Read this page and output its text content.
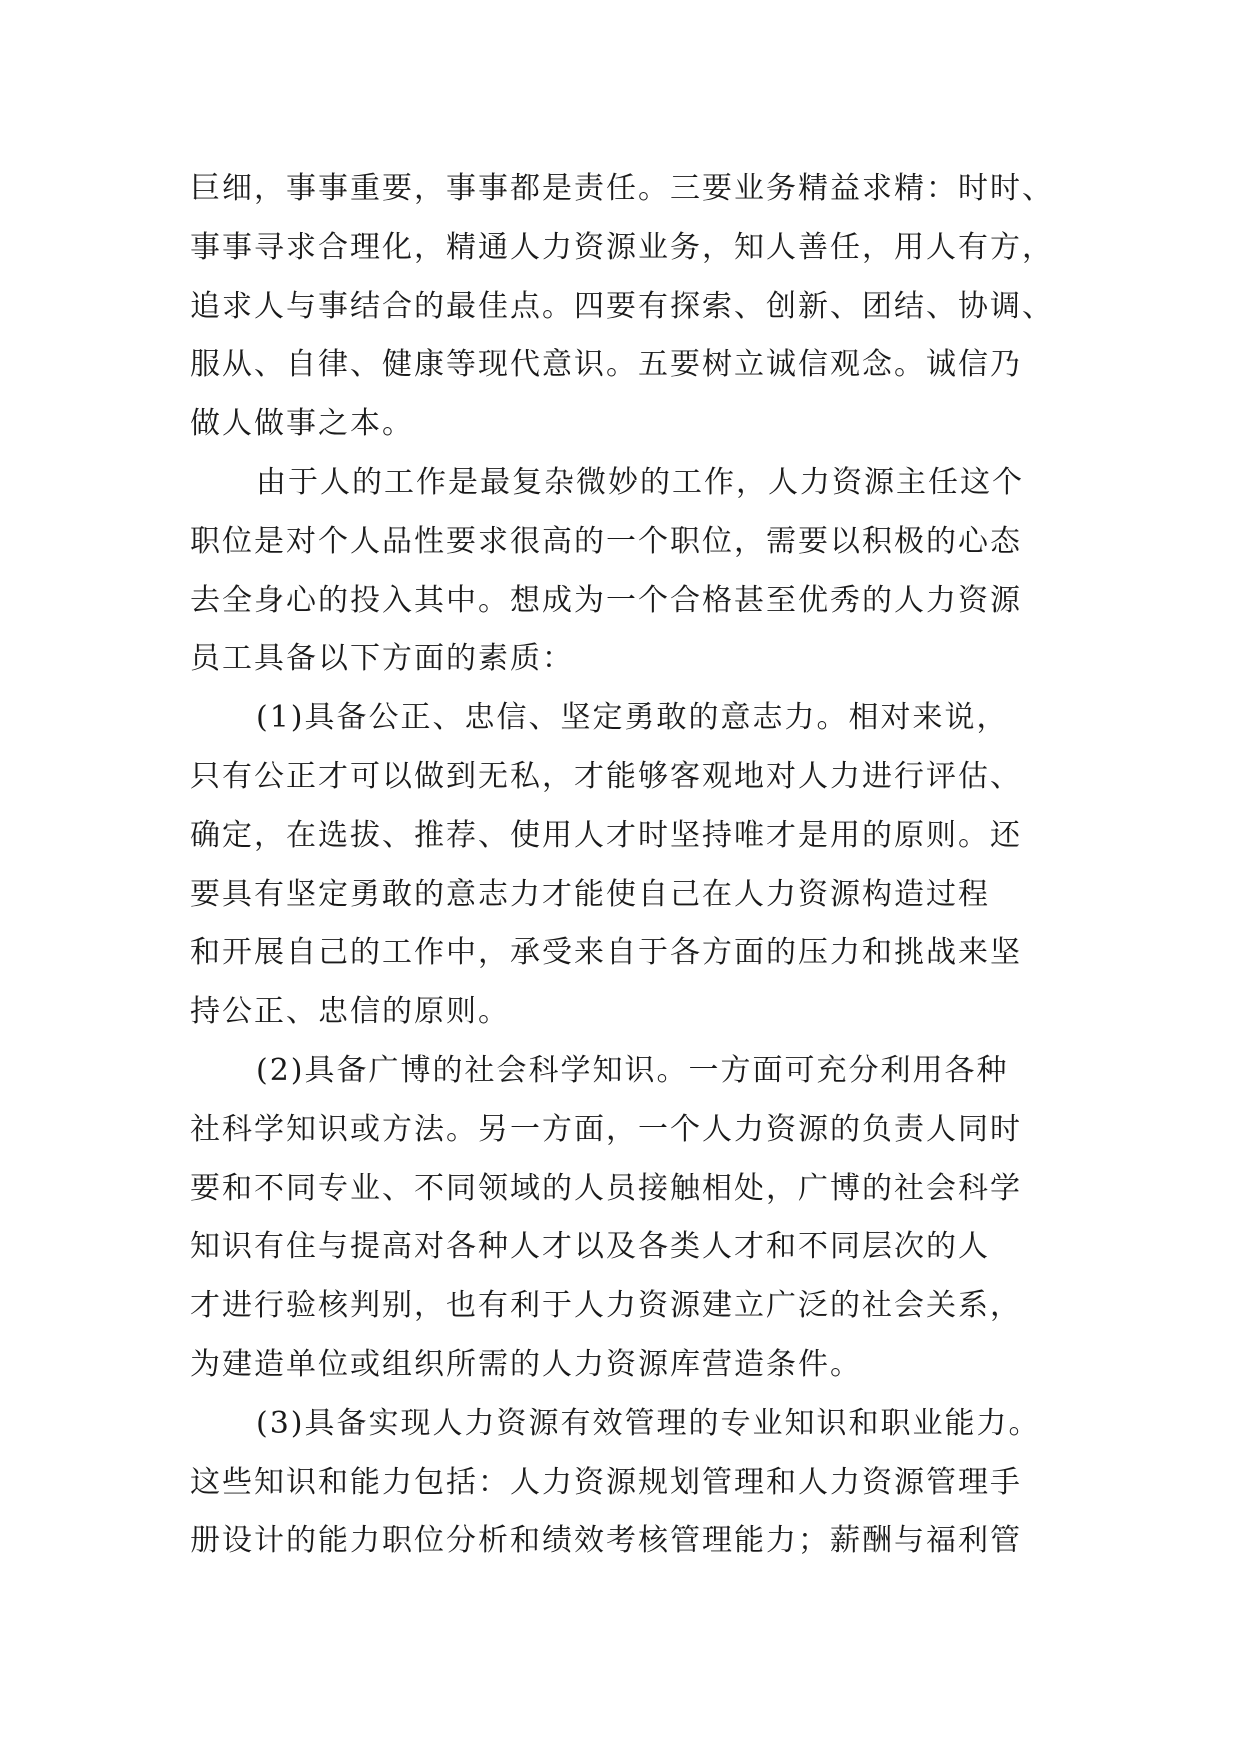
巨细，事事重要，事事都是责任。三要业务精益求精：时时、
事事寻求合理化，精通人力资源业务，知人善任，用人有方，
追求人与事结合的最佳点。四要有探索、创新、团结、协调、
服从、自律、健康等现代意识。五要树立诚信观念。诚信乃
做人做事之本。
由于人的工作是最复杂微妙的工作，人力资源主任这个
职位是对个人品性要求很高的一个职位，需要以积极的心态
去全身心的投入其中。想成为一个合格甚至优秀的人力资源
员工具备以下方面的素质：
(1)具备公正、忠信、坚定勇敢的意志力。相对来说，
只有公正才可以做到无私，才能够客观地对人力进行评估、
确定，在选拔、推荐、使用人才时坚持唯才是用的原则。还
要具有坚定勇敢的意志力才能使自己在人力资源构造过程
和开展自己的工作中，承受来自于各方面的压力和挑战来坚
持公正、忠信的原则。
(2)具备广博的社会科学知识。一方面可充分利用各种
社科学知识或方法。另一方面，一个人力资源的负责人同时
要和不同专业、不同领域的人员接触相处，广博的社会科学
知识有住与提高对各种人才以及各类人才和不同层次的人
才进行验核判别，也有利于人力资源建立广泛的社会关系，
为建造单位或组织所需的人力资源库营造条件。
(3)具备实现人力资源有效管理的专业知识和职业能力。
这些知识和能力包括：人力资源规划管理和人力资源管理手
册设计的能力职位分析和绩效考核管理能力；薪酬与福利管
